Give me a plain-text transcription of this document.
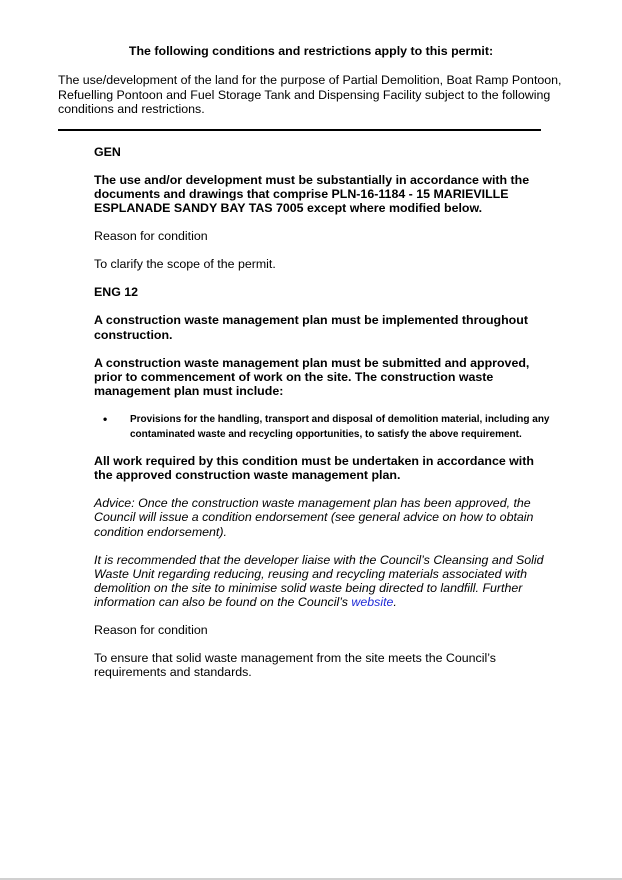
The following conditions and restrictions apply to this permit:
The use/development of the land for the purpose of Partial Demolition, Boat Ramp Pontoon, Refuelling Pontoon and Fuel Storage Tank and Dispensing Facility subject to the following conditions and restrictions.

GEN

The use and/or development must be substantially in accordance with the documents and drawings that comprise PLN-16-1184 - 15 MARIEVILLE ESPLANADE SANDY BAY TAS 7005 except where modified below.

Reason for condition

To clarify the scope of the permit.

ENG 12

A construction waste management plan must be implemented throughout construction.

A construction waste management plan must be submitted and approved, prior to commencement of work on the site. The construction waste management plan must include:

• Provisions for the handling, transport and disposal of demolition material, including any contaminated waste and recycling opportunities, to satisfy the above requirement.

All work required by this condition must be undertaken in accordance with the approved construction waste management plan.

Advice: Once the construction waste management plan has been approved, the Council will issue a condition endorsement (see general advice on how to obtain condition endorsement).

It is recommended that the developer liaise with the Council’s Cleansing and Solid Waste Unit regarding reducing, reusing and recycling materials associated with demolition on the site to minimise solid waste being directed to landfill. Further information can also be found on the Council’s website.

Reason for condition

To ensure that solid waste management from the site meets the Council’s requirements and standards.
